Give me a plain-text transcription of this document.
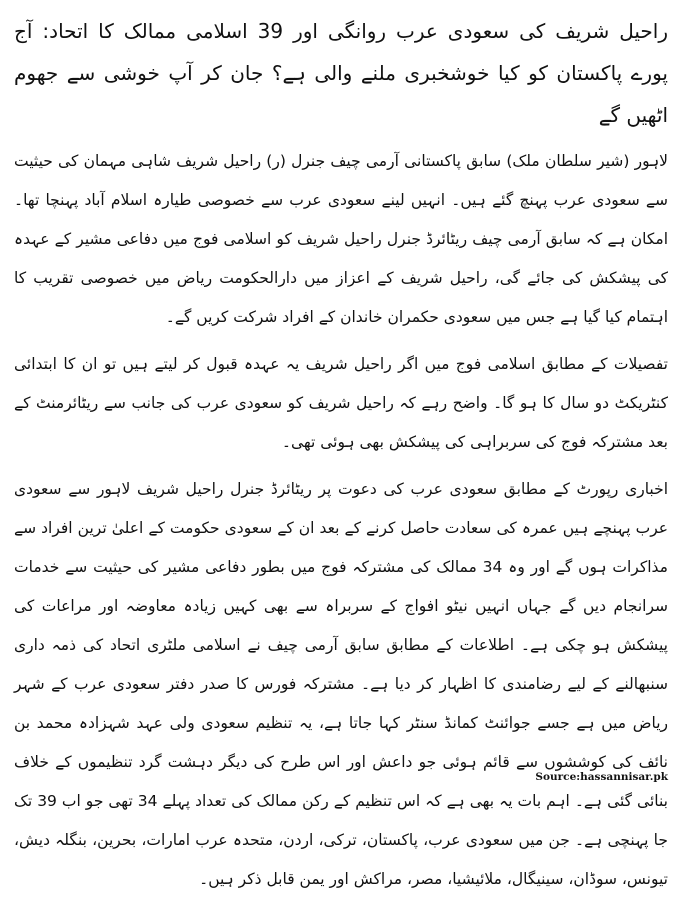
راحیل شریف کی سعودی عرب روانگی اور 39 اسلامی ممالک کا اتحاد: آج پورے پاکستان کو کیا خوشخبری ملنے والی ہے؟ جان کر آپ خوشی سے جھوم اٹھیں گے

لاہور (شیر سلطان ملک) سابق پاکستانی آرمی چیف جنرل (ر) راحیل شریف شاہی مہمان کی حیثیت سے سعودی عرب پہنچ گئے ہیں۔ انہیں لینے سعودی عرب سے خصوصی طیارہ اسلام آباد پہنچا تھا۔ امکان ہے کہ سابق آرمی چیف ریٹائرڈ جنرل راحیل شریف کو اسلامی فوج میں دفاعی مشیر کے عہدہ کی پیشکش کی جائے گی، راحیل شریف کے اعزاز میں دارالحکومت ریاض میں خصوصی تقریب کا اہتمام کیا گیا ہے جس میں سعودی حکمران خاندان کے افراد شرکت کریں گے۔

تفصیلات کے مطابق اسلامی فوج میں اگر راحیل شریف یہ عہدہ قبول کر لیتے ہیں تو ان کا ابتدائی کنٹریکٹ دو سال کا ہو گا۔ واضح رہے کہ راحیل شریف کو سعودی عرب کی جانب سے ریٹائرمنٹ کے بعد مشترکہ فوج کی سربراہی کی پیشکش بھی ہوئی تھی۔

اخباری رپورٹ کے مطابق سعودی عرب کی دعوت پر ریٹائرڈ جنرل راحیل شریف لاہور سے سعودی عرب پہنچے ہیں عمرہ کی سعادت حاصل کرنے کے بعد ان کے سعودی حکومت کے اعلیٰ ترین افراد سے مذاکرات ہوں گے اور وہ 34 ممالک کی مشترکہ فوج میں بطور دفاعی مشیر کی حیثیت سے خدمات سرانجام دیں گے جہاں انہیں نیٹو افواج کے سربراہ سے بھی کہیں زیادہ معاوضہ اور مراعات کی پیشکش ہو چکی ہے۔ اطلاعات کے مطابق سابق آرمی چیف نے اسلامی ملٹری اتحاد کی ذمہ داری سنبھالنے کے لیے رضامندی کا اظہار کر دیا ہے۔ مشترکہ فورس کا صدر دفتر سعودی عرب کے شہر ریاض میں ہے جسے جوائنٹ کمانڈ سنٹر کہا جاتا ہے، یہ تنظیم سعودی ولی عہد شہزادہ محمد بن نائف کی کوششوں سے قائم ہوئی جو داعش اور اس طرح کی دیگر دہشت گرد تنظیموں کے خلاف بنائی گئی ہے۔ اہم بات یہ بھی ہے کہ اس تنظیم کے رکن ممالک کی تعداد پہلے 34 تھی جو اب 39 تک جا پہنچی ہے۔ جن میں سعودی عرب، پاکستان، ترکی، اردن، متحدہ عرب امارات، بحرین، بنگلہ دیش، تیونس، سوڈان، سینیگال، ملائیشیا، مصر، مراکش اور یمن قابل ذکر ہیں۔

Source:hassannisar.pk
